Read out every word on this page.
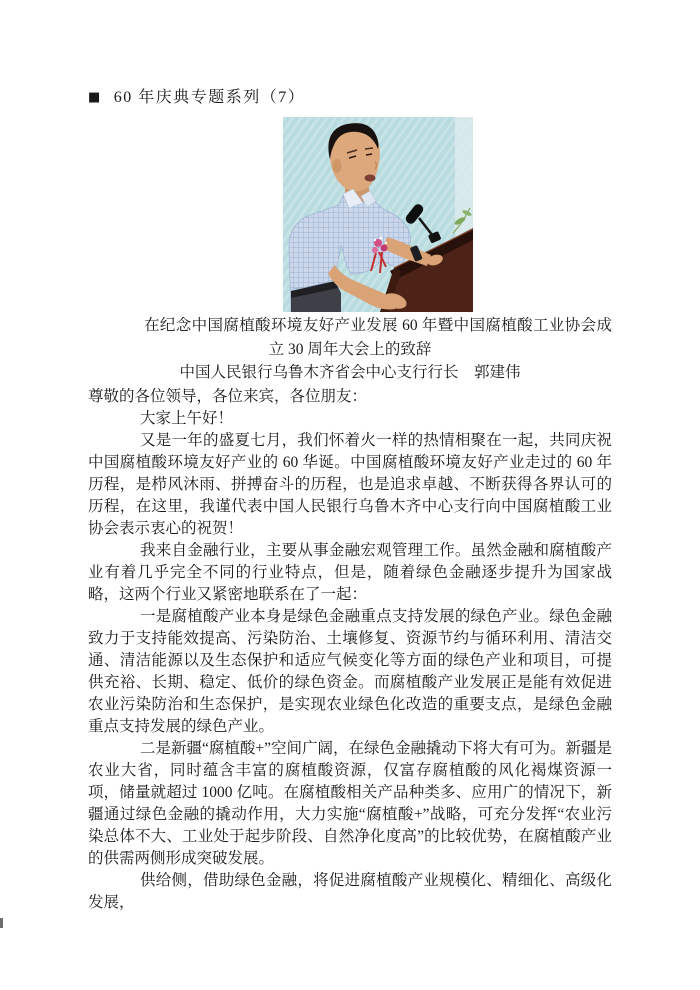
■ 60 年庆典专题系列（7）

在纪念中国腐植酸环境友好产业发展 60 年暨中国腐植酸工业协会成立 30 周年大会上的致辞

中国人民银行乌鲁木齐省会中心支行行长　郭建伟

尊敬的各位领导，各位来宾，各位朋友：

大家上午好！

又是一年的盛夏七月，我们怀着火一样的热情相聚在一起，共同庆祝中国腐植酸环境友好产业的 60 华诞。中国腐植酸环境友好产业走过的 60 年历程，是栉风沐雨、拼搏奋斗的历程，也是追求卓越、不断获得各界认可的历程，在这里，我谨代表中国人民银行乌鲁木齐中心支行向中国腐植酸工业协会表示衷心的祝贺！

我来自金融行业，主要从事金融宏观管理工作。虽然金融和腐植酸产业有着几乎完全不同的行业特点，但是，随着绿色金融逐步提升为国家战略，这两个行业又紧密地联系在了一起：

一是腐植酸产业本身是绿色金融重点支持发展的绿色产业。绿色金融致力于支持能效提高、污染防治、土壤修复、资源节约与循环利用、清洁交通、清洁能源以及生态保护和适应气候变化等方面的绿色产业和项目，可提供充裕、长期、稳定、低价的绿色资金。而腐植酸产业发展正是能有效促进农业污染防治和生态保护，是实现农业绿色化改造的重要支点，是绿色金融重点支持发展的绿色产业。

二是新疆“腐植酸+”空间广阔，在绿色金融撬动下将大有可为。新疆是农业大省，同时蕴含丰富的腐植酸资源，仅富存腐植酸的风化褐煤资源一项，储量就超过 1000 亿吨。在腐植酸相关产品种类多、应用广的情况下，新疆通过绿色金融的撬动作用，大力实施“腐植酸+”战略，可充分发挥“农业污染总体不大、工业处于起步阶段、自然净化度高”的比较优势，在腐植酸产业的供需两侧形成突破发展。

供给侧，借助绿色金融，将促进腐植酸产业规模化、精细化、高级化发展，
